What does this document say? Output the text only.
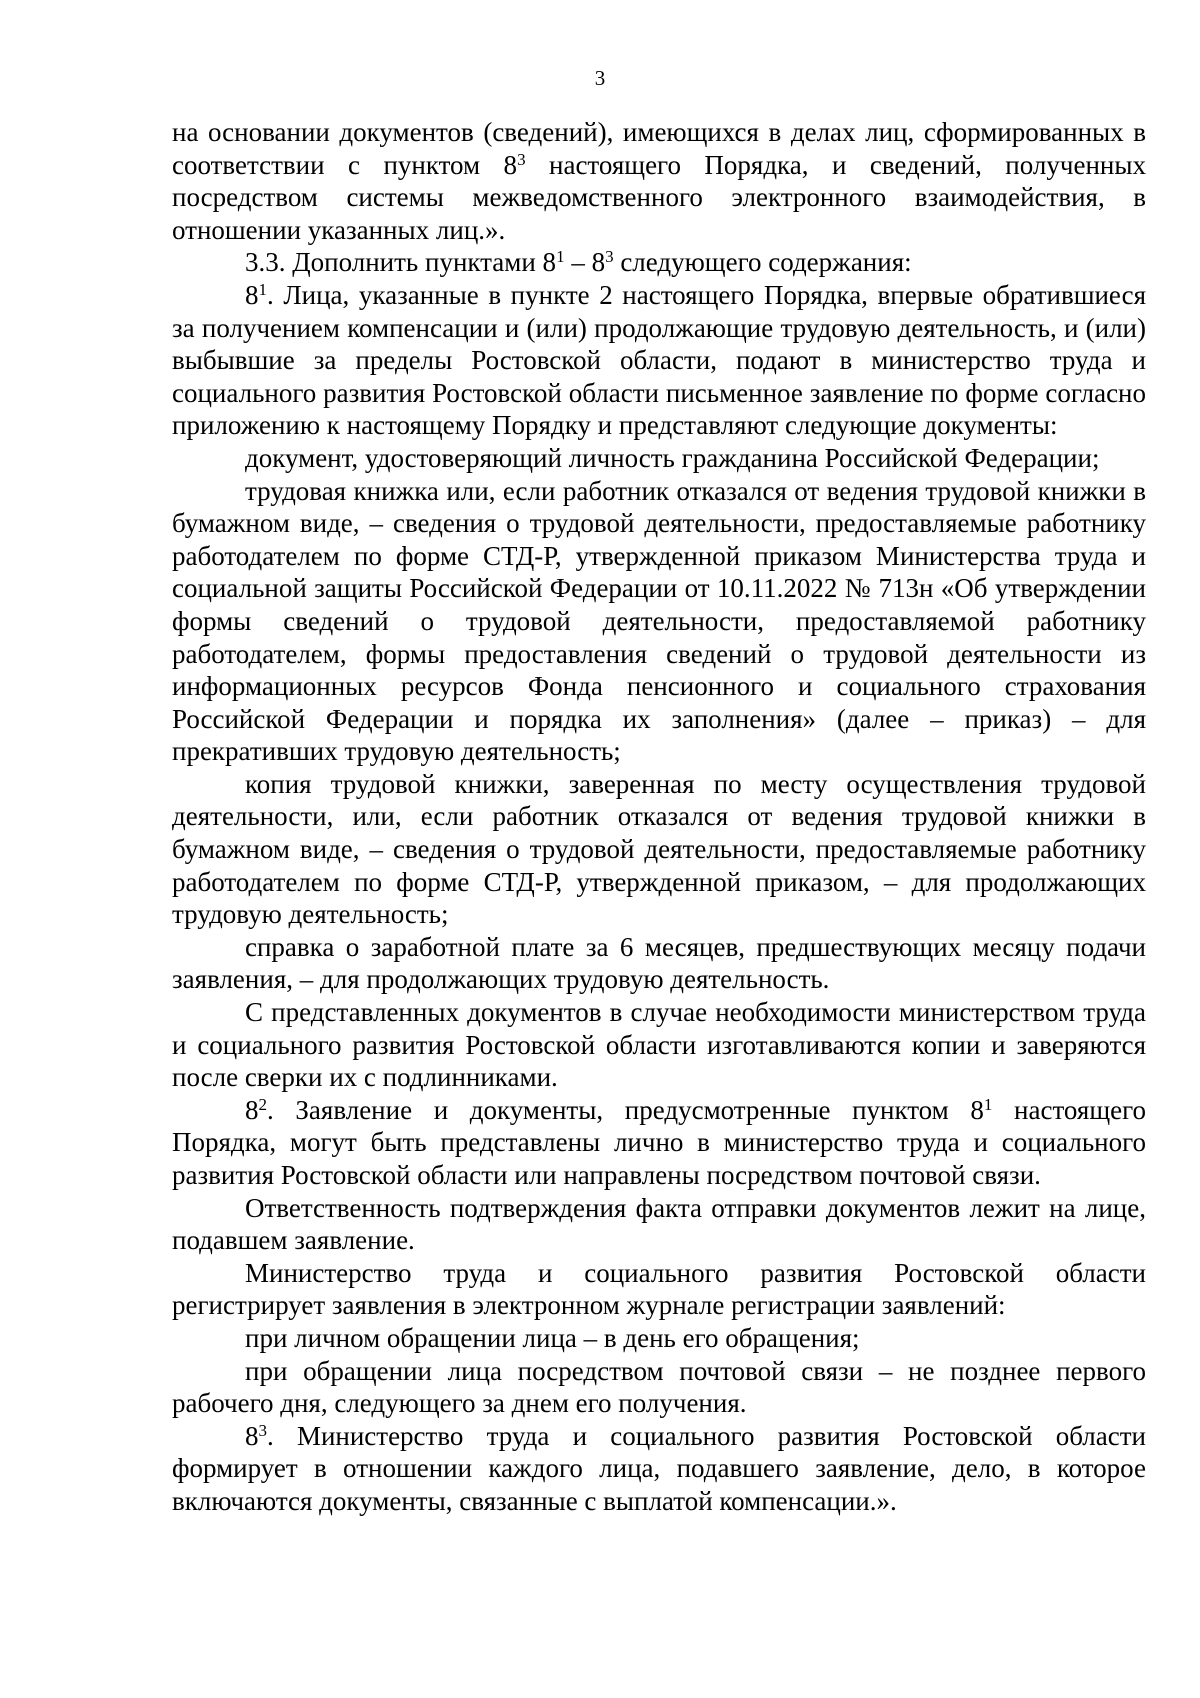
3

на основании документов (сведений), имеющихся в делах лиц, сформированных в соответствии с пунктом $8^3$ настоящего Порядка, и сведений, полученных посредством системы межведомственного электронного взаимодействия, в отношении указанных лиц.».

3.3. Дополнить пунктами $8^1 - 8^3$ следующего содержания:

$8^1$. Лица, указанные в пункте 2 настоящего Порядка, впервые обратившиеся за получением компенсации и (или) продолжающие трудовую деятельность, и (или) выбывшие за пределы Ростовской области, подают в министерство труда и социального развития Ростовской области письменное заявление по форме согласно приложению к настоящему Порядку и представляют следующие документы:

документ, удостоверяющий личность гражданина Российской Федерации;

трудовая книжка или, если работник отказался от ведения трудовой книжки в бумажном виде, – сведения о трудовой деятельности, предоставляемые работнику работодателем по форме СТД-Р, утвержденной приказом Министерства труда и социальной защиты Российской Федерации от 10.11.2022 № 713н «Об утверждении формы сведений о трудовой деятельности, предоставляемой работнику работодателем, формы предоставления сведений о трудовой деятельности из информационных ресурсов Фонда пенсионного и социального страхования Российской Федерации и порядка их заполнения» (далее – приказ) – для прекративших трудовую деятельность;

копия трудовой книжки, заверенная по месту осуществления трудовой деятельности, или, если работник отказался от ведения трудовой книжки в бумажном виде, – сведения о трудовой деятельности, предоставляемые работнику работодателем по форме СТД-Р, утвержденной приказом, – для продолжающих трудовую деятельность;

справка о заработной плате за 6 месяцев, предшествующих месяцу подачи заявления, – для продолжающих трудовую деятельность.

С представленных документов в случае необходимости министерством труда и социального развития Ростовской области изготавливаются копии и заверяются после сверки их с подлинниками.

$8^2$. Заявление и документы, предусмотренные пунктом $8^1$ настоящего Порядка, могут быть представлены лично в министерство труда и социального развития Ростовской области или направлены посредством почтовой связи.

Ответственность подтверждения факта отправки документов лежит на лице, подавшем заявление.

Министерство труда и социального развития Ростовской области регистрирует заявления в электронном журнале регистрации заявлений:

при личном обращении лица – в день его обращения;

при обращении лица посредством почтовой связи – не позднее первого рабочего дня, следующего за днем его получения.

$8^3$. Министерство труда и социального развития Ростовской области формирует в отношении каждого лица, подавшего заявление, дело, в которое включаются документы, связанные с выплатой компенсации.».
